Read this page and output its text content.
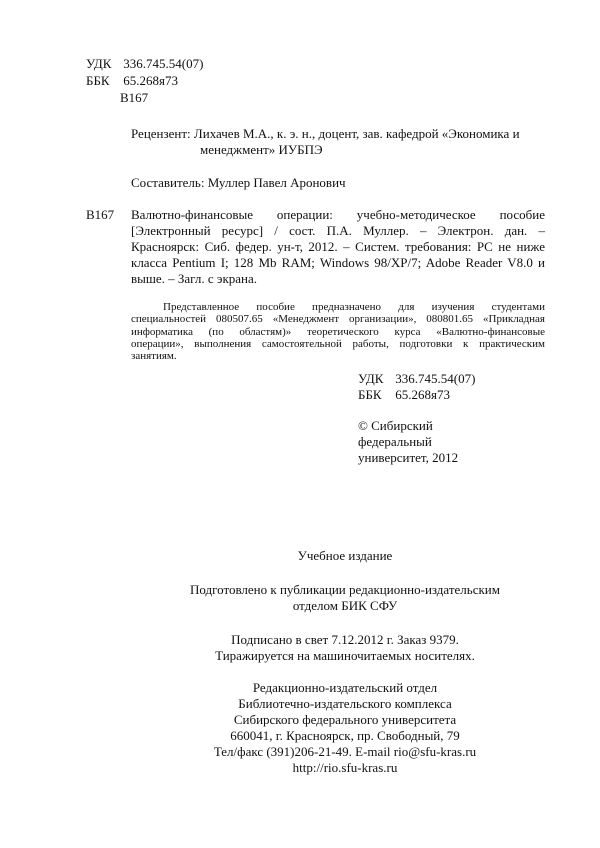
УДК 336.745.54(07)
ББК 65.268я73
В167
Рецензент: Лихачев М.А., к. э. н., доцент, зав. кафедрой «Экономика и
менеджмент» ИУБПЭ
Составитель: Муллер Павел Аронович
В167 Валютно-финансовые операции: учебно-методическое пособие
[Электронный ресурс] / сост. П.А. Муллер. – Электрон. дан. –
Красноярск: Сиб. федер. ун-т, 2012. – Систем. требования: PC не ниже
класса Pentium I; 128 Mb RAM; Windows 98/XP/7; Adobe Reader V8.0 и
выше. – Загл. с экрана.
Представленное пособие предназначено для изучения студентами
специальностей 080507.65 «Менеджмент организации», 080801.65 «Прикладная
информатика (по областям)» теоретического курса «Валютно-финансовые
операции», выполнения самостоятельной работы, подготовки к практическим
занятиям.
УДК 336.745.54(07)
ББК 65.268я73
© Сибирский
федеральный
университет, 2012
Учебное издание
Подготовлено к публикации редакционно-издательским
отделом БИК СФУ
Подписано в свет 7.12.2012 г. Заказ 9379.
Тиражируется на машиночитаемых носителях.
Редакционно-издательский отдел
Библиотечно-издательского комплекса
Сибирского федерального университета
660041, г. Красноярск, пр. Свободный, 79
Тел/факс (391)206-21-49. E-mail rio@sfu-kras.ru
http://rio.sfu-kras.ru
